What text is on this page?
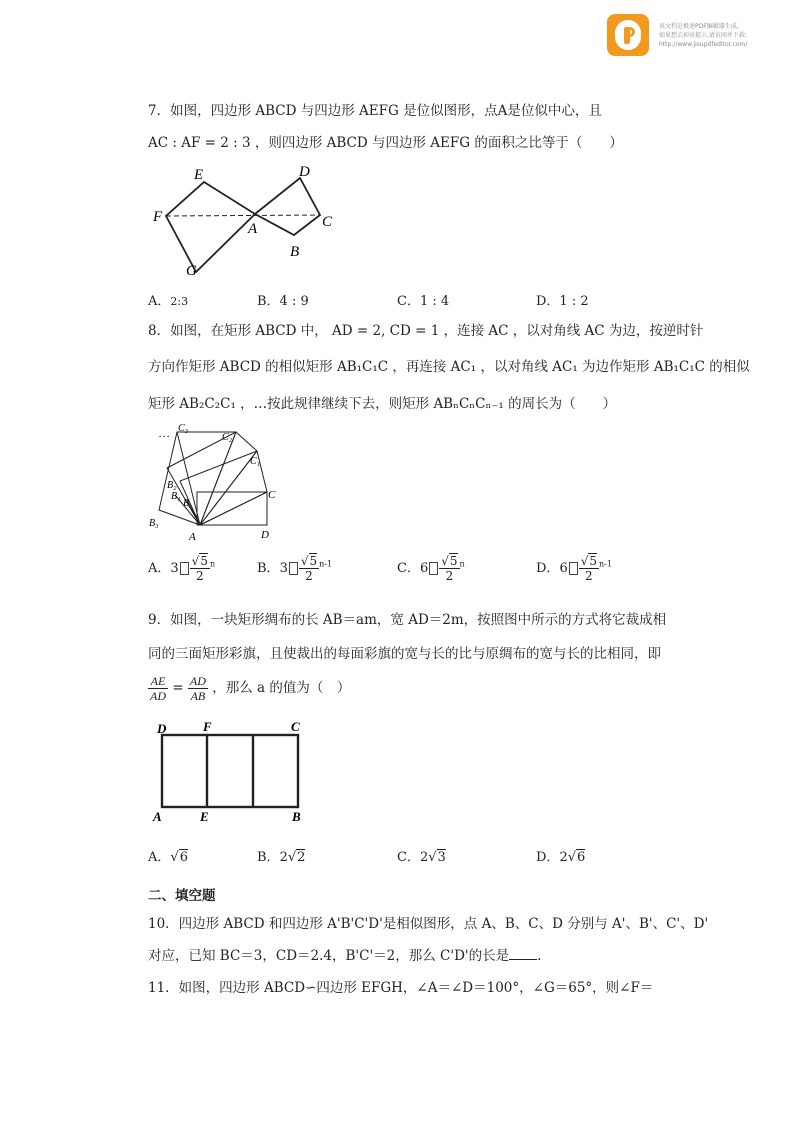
该文档是极速PDF编辑器生成,
如果想去掉该提示,请访问并下载:
http://www.jisupdfeditor.com/
7．如图，四边形 ABCD 与四边形 AEFG 是位似图形，点A是位似中心，且
AC : AF = 2 : 3 ，则四边形 ABCD 与四边形 AEFG 的面积之比等于（　　）
E	D
F	C
A
B
G
A．2:3	B．4 : 9	C．1 : 4	D．1 : 2
8．如图，在矩形 ABCD 中， AD = 2, CD = 1 ，连接 AC ，以对角线 AC 为边，按逆时针
方向作矩形 ABCD 的相似矩形 AB₁C₁C ，再连接 AC₁ ，以对角线 AC₁ 为边作矩形 AB₁C₁C 的相似
矩形 AB₂C₂C₁ ，…按此规律继续下去，则矩形 ABₙCₙCₙ₋₁ 的周长为（　　）
… C₃
C₂
C₁
C
B
B₁
B₂
B₃
A	D
A．$3 \frac{√5}{2} ^n$	B．$3 \frac{√5}{2} ^{n-1}$	C．$6 \frac{√5}{2} ^n$	D．$6 \frac{√5}{2} ^{n-1}$
9．如图，一块矩形绸布的长 AB＝am，宽 AD＝2m，按照图中所示的方式将它裁成相
同的三面矩形彩旗，且使裁出的每面彩旗的宽与长的比与原绸布的宽与长的比相同，即
$\frac{AE}{AD} = \frac{AD}{AB}$ ，那么 a 的值为（　）
D	F	C
A	E	B
A．√6	B．2√2	C．2√3	D．2√6
二、填空题
10．四边形 ABCD 和四边形 A'B'C'D'是相似图形，点 A、B、C、D 分别与 A'、B'、C'、D'
对应，已知 BC＝3，CD＝2.4，B'C'＝2，那么 C'D'的长是 .
11．如图，四边形 ABCD∽四边形 EFGH，∠A＝∠D＝100°，∠G＝65°，则∠F＝
